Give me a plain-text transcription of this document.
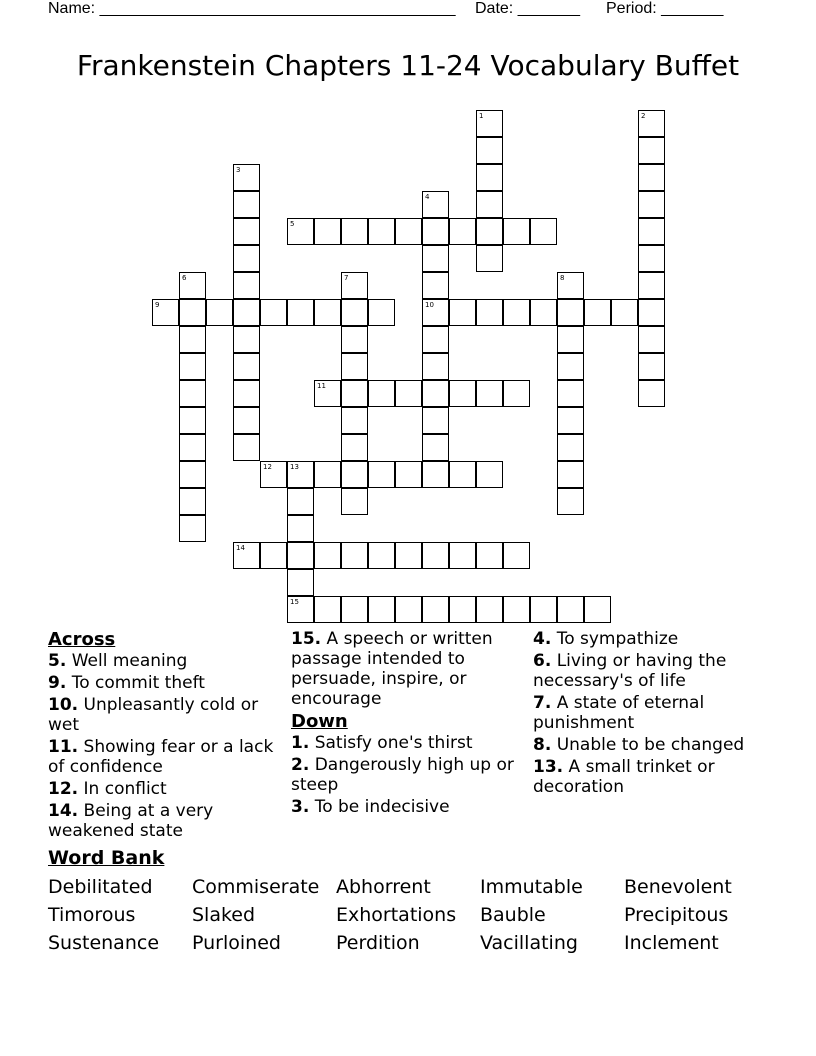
Name: ________________________________________ Date: _______ Period: _______
Frankenstein Chapters 11-24 Vocabulary Buffet
1	2
3
4
10
5
6	7	8
9
11
12	13
15
14
Across
5. Well meaning
9. To commit theft
10. Unpleasantly cold or wet
11. Showing fear or a lack of confidence
12. In conflict
14. Being at a very weakened state
15. A speech or written passage intended to persuade, inspire, or encourage
Down
1. Satisfy one's thirst
2. Dangerously high up or steep
3. To be indecisive
4. To sympathize
6. Living or having the necessary's of life
7. A state of eternal punishment
8. Unable to be changed
13. A small trinket or decoration
Word Bank
Debilitated Commiserate Abhorrent	Immutable Benevolent
Timorous	Slaked	Exhortations Bauble	Precipitous
Sustenance Purloined	Perdition	Vacillating Inclement
